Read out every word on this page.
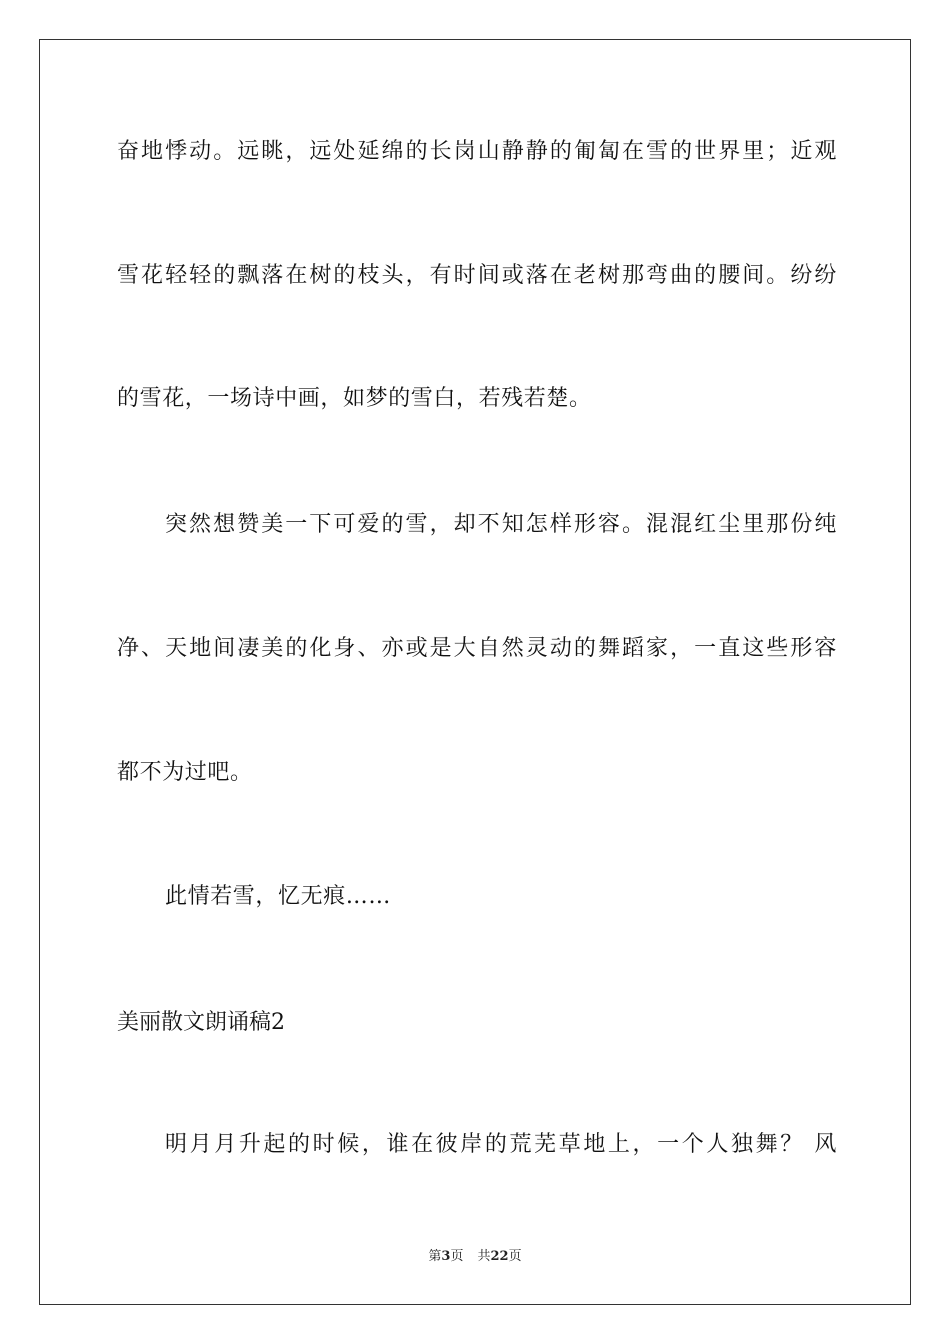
奋地悸动。远眺，远处延绵的长岗山静静的匍匐在雪的世界里；近观
雪花轻轻的飘落在树的枝头，有时间或落在老树那弯曲的腰间。纷纷
的雪花，一场诗中画，如梦的雪白，若残若楚。
突然想赞美一下可爱的雪，却不知怎样形容。混混红尘里那份纯
净、天地间凄美的化身、亦或是大自然灵动的舞蹈家，一直这些形容
都不为过吧。
此情若雪，忆无痕……
美丽散文朗诵稿2
明月月升起的时候，谁在彼岸的荒芜草地上，一个人独舞？ 风
第3页 共22页
